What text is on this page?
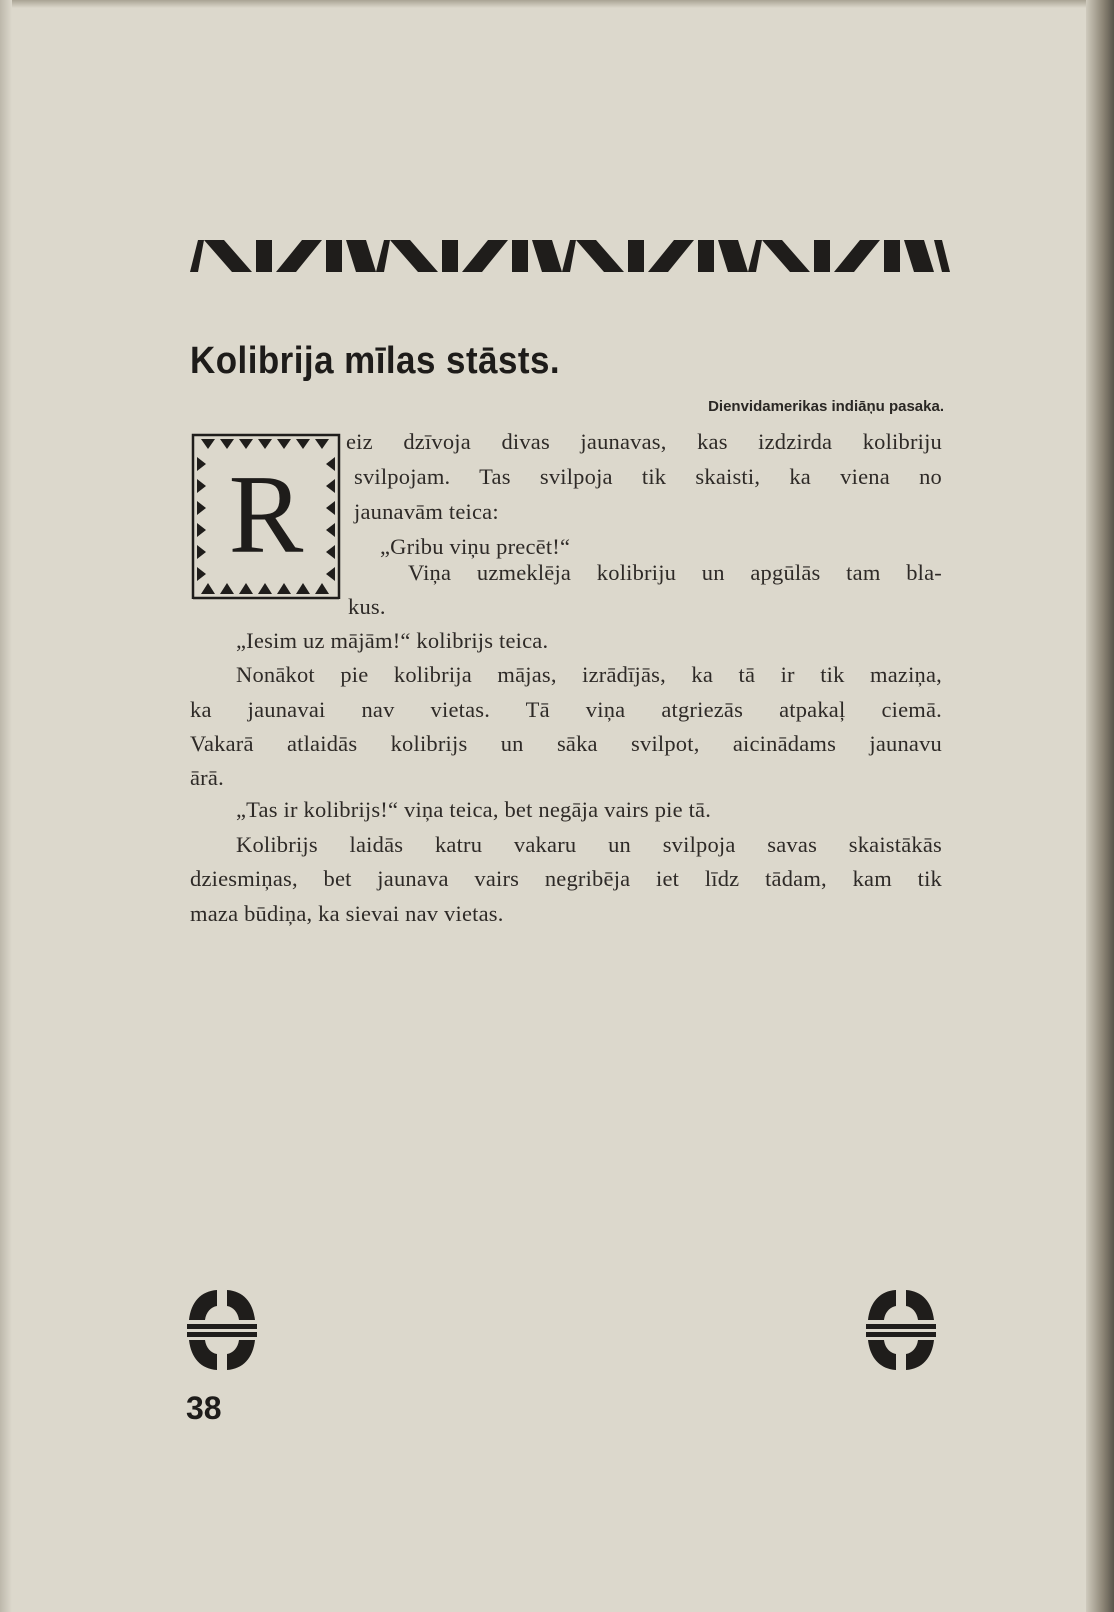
Kolibrija mīlas stāsts.
Dienvidamerikas indiāņu pasaka.
R
eiz dzīvoja divas jaunavas, kas izdzirda kolibriju
svilpojam. Tas svilpoja tik skaisti, ka viena no
jaunavām teica:
„Gribu viņu precēt!“
Viņa uzmeklēja kolibriju un apgūlās tam bla-
kus.
„Iesim uz mājām!“ kolibrijs teica.
Nonākot pie kolibrija mājas, izrādījās, ka tā ir tik maziņa,
ka jaunavai nav vietas. Tā viņa atgriezās atpakaļ ciemā.
Vakarā atlaidās kolibrijs un sāka svilpot, aicinādams jaunavu
ārā.
„Tas ir kolibrijs!“ viņa teica, bet negāja vairs pie tā.
Kolibrijs laidās katru vakaru un svilpoja savas skaistākās
dziesmiņas, bet jaunava vairs negribēja iet līdz tādam, kam tik
maza būdiņa, ka sievai nav vietas.
38
